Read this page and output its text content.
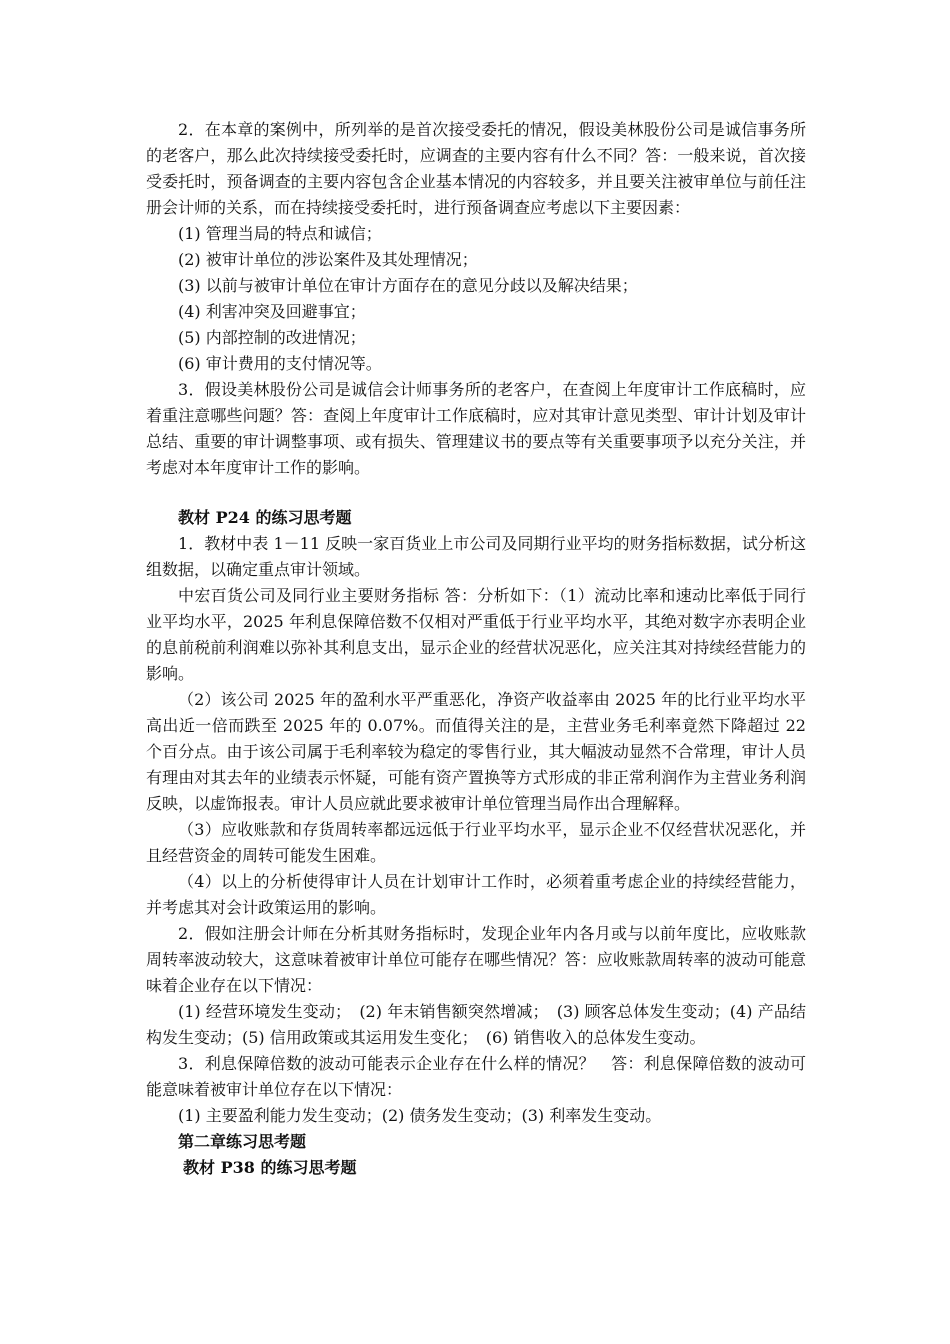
2．在本章的案例中，所列举的是首次接受委托的情况，假设美林股份公司是诚信事务所的老客户，那么此次持续接受委托时，应调查的主要内容有什么不同？答：一般来说，首次接受委托时，预备调查的主要内容包含企业基本情况的内容较多，并且要关注被审单位与前任注册会计师的关系，而在持续接受委托时，进行预备调查应考虑以下主要因素：

(1) 管理当局的特点和诚信；

(2) 被审计单位的涉讼案件及其处理情况；

(3) 以前与被审计单位在审计方面存在的意见分歧以及解决结果；

(4) 利害冲突及回避事宜；

(5) 内部控制的改进情况；

(6) 审计费用的支付情况等。

3．假设美林股份公司是诚信会计师事务所的老客户，在查阅上年度审计工作底稿时，应着重注意哪些问题？答：查阅上年度审计工作底稿时，应对其审计意见类型、审计计划及审计总结、重要的审计调整事项、或有损失、管理建议书的要点等有关重要事项予以充分关注，并考虑对本年度审计工作的影响。

教材 P24 的练习思考题

1．教材中表 1－11 反映一家百货业上市公司及同期行业平均的财务指标数据，试分析这组数据，以确定重点审计领域。

中宏百货公司及同行业主要财务指标 答：分析如下：（1）流动比率和速动比率低于同行业平均水平，2025 年利息保障倍数不仅相对严重低于行业平均水平，其绝对数字亦表明企业的息前税前利润难以弥补其利息支出，显示企业的经营状况恶化，应关注其对持续经营能力的影响。

（2）该公司 2025 年的盈利水平严重恶化，净资产收益率由 2025 年的比行业平均水平高出近一倍而跌至 2025 年的 0.07%。而值得关注的是，主营业务毛利率竟然下降超过 22 个百分点。由于该公司属于毛利率较为稳定的零售行业，其大幅波动显然不合常理，审计人员有理由对其去年的业绩表示怀疑，可能有资产置换等方式形成的非正常利润作为主营业务利润反映，以虚饰报表。审计人员应就此要求被审计单位管理当局作出合理解释。

（3）应收账款和存货周转率都远远低于行业平均水平，显示企业不仅经营状况恶化，并且经营资金的周转可能发生困难。

（4）以上的分析使得审计人员在计划审计工作时，必须着重考虑企业的持续经营能力，并考虑其对会计政策运用的影响。

2．假如注册会计师在分析其财务指标时，发现企业年内各月或与以前年度比，应收账款周转率波动较大，这意味着被审计单位可能存在哪些情况？答：应收账款周转率的波动可能意味着企业存在以下情况：

(1) 经营环境发生变动；　(2) 年末销售额突然增减；　(3) 顾客总体发生变动；(4) 产品结构发生变动；(5) 信用政策或其运用发生变化；　(6) 销售收入的总体发生变动。

3．利息保障倍数的波动可能表示企业存在什么样的情况？　答：利息保障倍数的波动可能意味着被审计单位存在以下情况：

(1) 主要盈利能力发生变动；(2) 债务发生变动；(3) 利率发生变动。

第二章练习思考题

教材 P38 的练习思考题
